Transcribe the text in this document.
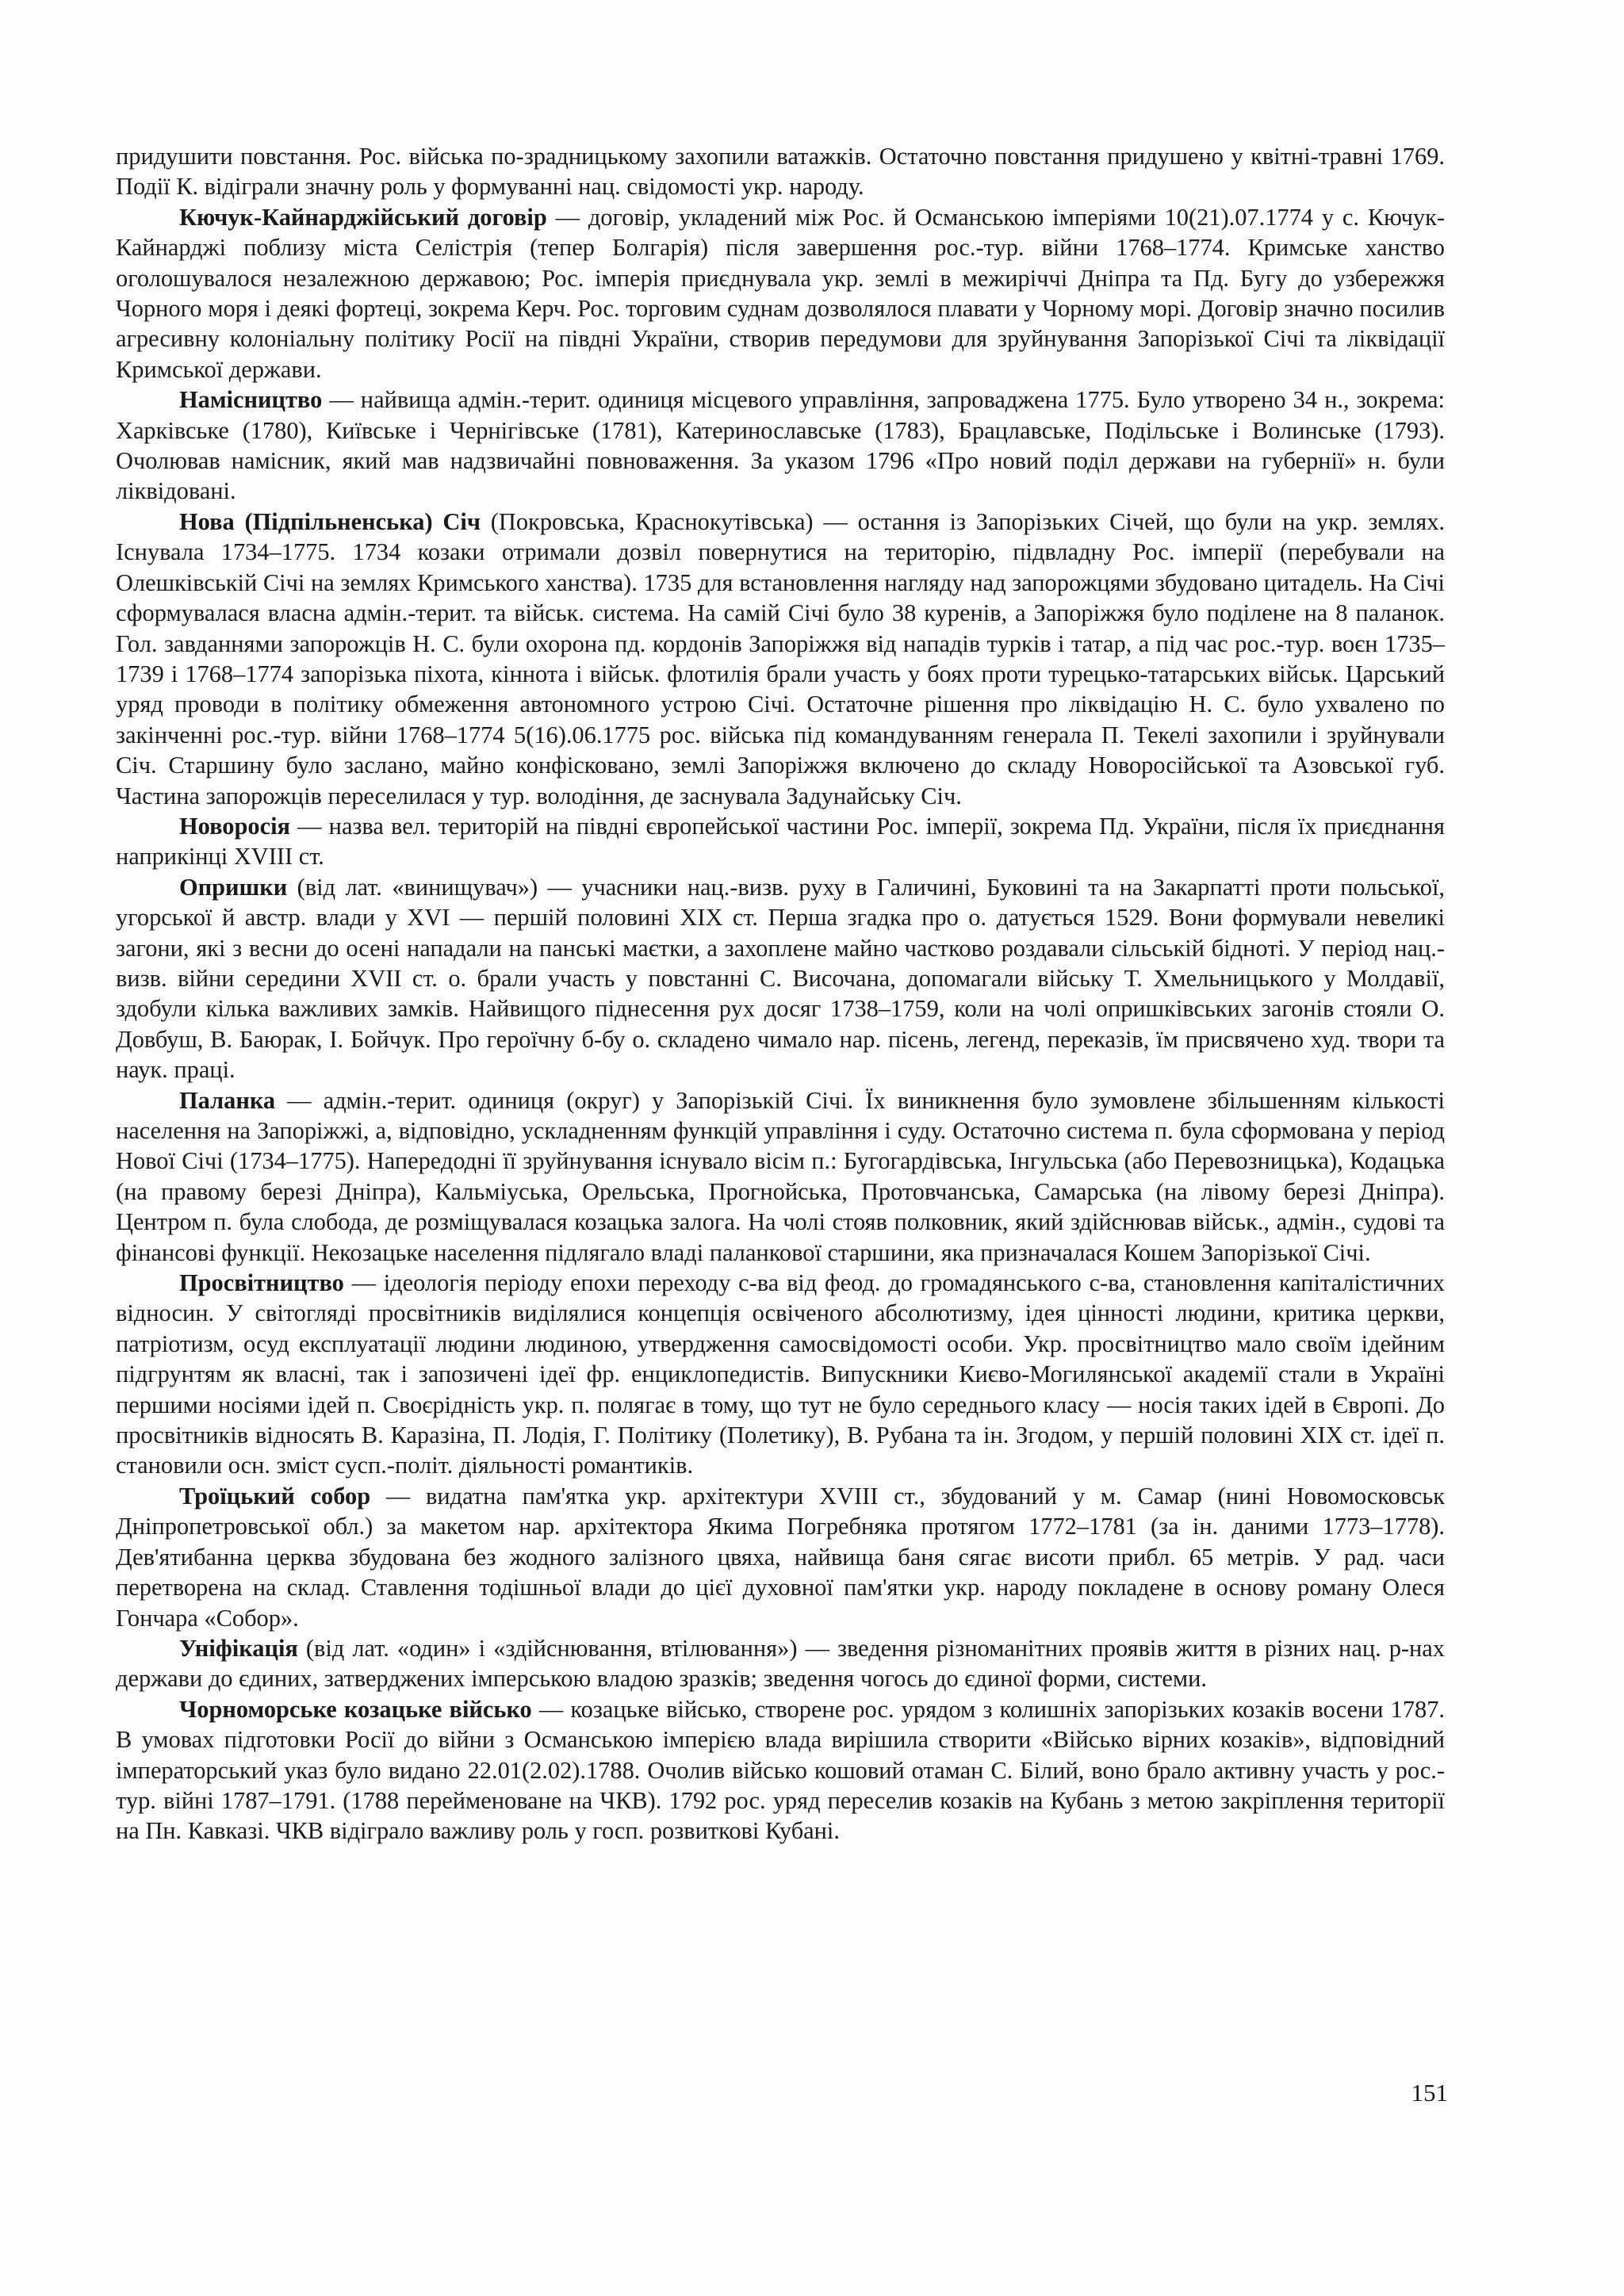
придушити повстання. Рос. війська по-зрадницькому захопили ватажків. Остаточно повстання придушено у квітні-травні 1769. Події К. відіграли значну роль у формуванні нац. свідомості укр. народу.

Кючук-Кайнарджійський договір — договір, укладений між Рос. й Османською імперіями 10(21).07.1774 у с. Кючук-Кайнарджі поблизу міста Селістрія (тепер Болгарія) після завершення рос.-тур. війни 1768–1774. Кримське ханство оголошувалося незалежною державою; Рос. імперія приєднувала укр. землі в межиріччі Дніпра та Пд. Бугу до узбережжя Чорного моря і деякі фортеці, зокрема Керч. Рос. торговим суднам дозволялося плавати у Чорному морі. Договір значно посилив агресивну колоніальну політику Росії на півдні України, створив передумови для зруйнування Запорізької Січі та ліквідації Кримської держави.

Намісництво — найвища адмін.-терит. одиниця місцевого управління, запроваджена 1775. Було утворено 34 н., зокрема: Харківське (1780), Київське і Чернігівське (1781), Катеринославське (1783), Брацлавське, Подільське і Волинське (1793). Очолював намісник, який мав надзвичайні повноваження. За указом 1796 «Про новий поділ держави на губернії» н. були ліквідовані.

Нова (Підпільненська) Січ (Покровська, Краснокутівська) — остання із Запорізьких Січей, що були на укр. землях. Існувала 1734–1775. 1734 козаки отримали дозвіл повернутися на територію, підвладну Рос. імперії (перебували на Олешківській Січі на землях Кримського ханства). 1735 для встановлення нагляду над запорожцями збудовано цитадель. На Січі сформувалася власна адмін.-терит. та військ. система. На самій Січі було 38 куренів, а Запоріжжя було поділене на 8 паланок. Гол. завданнями запорожців Н. С. були охорона пд. кордонів Запоріжжя від нападів турків і татар, а під час рос.-тур. воєн 1735–1739 і 1768–1774 запорізька піхота, кіннота і військ. флотилія брали участь у боях проти турецько-татарських військ. Царський уряд проводи в політику обмеження автономного устрою Січі. Остаточне рішення про ліквідацію Н. С. було ухвалено по закінченні рос.-тур. війни 1768–1774 5(16).06.1775 рос. війська під командуванням генерала П. Текелі захопили і зруйнували Січ. Старшину було заслано, майно конфісковано, землі Запоріжжя включено до складу Новоросійської та Азовської губ. Частина запорожців переселилася у тур. володіння, де заснувала Задунайську Січ.

Новоросія — назва вел. територій на півдні європейської частини Рос. імперії, зокрема Пд. України, після їх приєднання наприкінці XVIII ст.

Опришки (від лат. «винищувач») — учасники нац.-визв. руху в Галичині, Буковині та на Закарпатті проти польської, угорської й австр. влади у XVI — першій половині XIX ст. Перша згадка про о. датується 1529. Вони формували невеликі загони, які з весни до осені нападали на панські маєтки, а захоплене майно частково роздавали сільській бідноті. У період нац.-визв. війни середини XVII ст. о. брали участь у повстанні С. Височана, допомагали війську Т. Хмельницького у Молдавії, здобули кілька важливих замків. Найвищого піднесення рух досяг 1738–1759, коли на чолі опришківських загонів стояли О. Довбуш, В. Баюрак, І. Бойчук. Про героїчну б-бу о. складено чимало нар. пісень, легенд, переказів, їм присвячено худ. твори та наук. праці.

Паланка — адмін.-терит. одиниця (округ) у Запорізькій Січі. Їх виникнення було зумовлене збільшенням кількості населення на Запоріжжі, а, відповідно, ускладненням функцій управління і суду. Остаточно система п. була сформована у період Нової Січі (1734–1775). Напередодні її зруйнування існувало вісім п.: Бугогардівська, Інгульська (або Перевозницька), Кодацька (на правому березі Дніпра), Кальміуська, Орельська, Прогнойська, Протовчанська, Самарська (на лівому березі Дніпра). Центром п. була слобода, де розміщувалася козацька залога. На чолі стояв полковник, який здійснював військ., адмін., судові та фінансові функції. Некозацьке населення підлягало владі паланкової старшини, яка призначалася Кошем Запорізької Січі.

Просвітництво — ідеологія періоду епохи переходу с-ва від феод. до громадянського с-ва, становлення капіталістичних відносин. У світогляді просвітників виділялися концепція освіченого абсолютизму, ідея цінності людини, критика церкви, патріотизм, осуд експлуатації людини людиною, утвердження самосвідомості особи. Укр. просвітництво мало своїм ідейним підгрунтям як власні, так і запозичені ідеї фр. енциклопедистів. Випускники Києво-Могилянської академії стали в Україні першими носіями ідей п. Своєрідність укр. п. полягає в тому, що тут не було середнього класу — носія таких ідей в Європі. До просвітників відносять В. Каразіна, П. Лодія, Г. Політику (Полетику), В. Рубана та ін. Згодом, у першій половині XIX ст. ідеї п. становили осн. зміст сусп.-політ. діяльності романтиків.

Троїцький собор — видатна пам'ятка укр. архітектури XVIII ст., збудований у м. Самар (нині Новомосковськ Дніпропетровської обл.) за макетом нар. архітектора Якима Погребняка протягом 1772–1781 (за ін. даними 1773–1778). Дев'ятибанна церква збудована без жодного залізного цвяха, найвища баня сягає висоти прибл. 65 метрів. У рад. часи перетворена на склад. Ставлення тодішньої влади до цієї духовної пам'ятки укр. народу покладене в основу роману Олеся Гончара «Собор».

Уніфікація (від лат. «один» і «здійснювання, втілювання») — зведення різноманітних проявів життя в різних нац. р-нах держави до єдиних, затверджених імперською владою зразків; зведення чогось до єдиної форми, системи.

Чорноморське козацьке військо — козацьке військо, створене рос. урядом з колишніх запорізьких козаків восени 1787. В умовах підготовки Росії до війни з Османською імперією влада вирішила створити «Військо вірних козаків», відповідний імператорський указ було видано 22.01(2.02).1788. Очолив військо кошовий отаман С. Білий, воно брало активну участь у рос.-тур. війні 1787–1791. (1788 перейменоване на ЧКВ). 1792 рос. уряд переселив козаків на Кубань з метою закріплення території на Пн. Кавказі. ЧКВ відіграло важливу роль у госп. розвиткові Кубані.

151
